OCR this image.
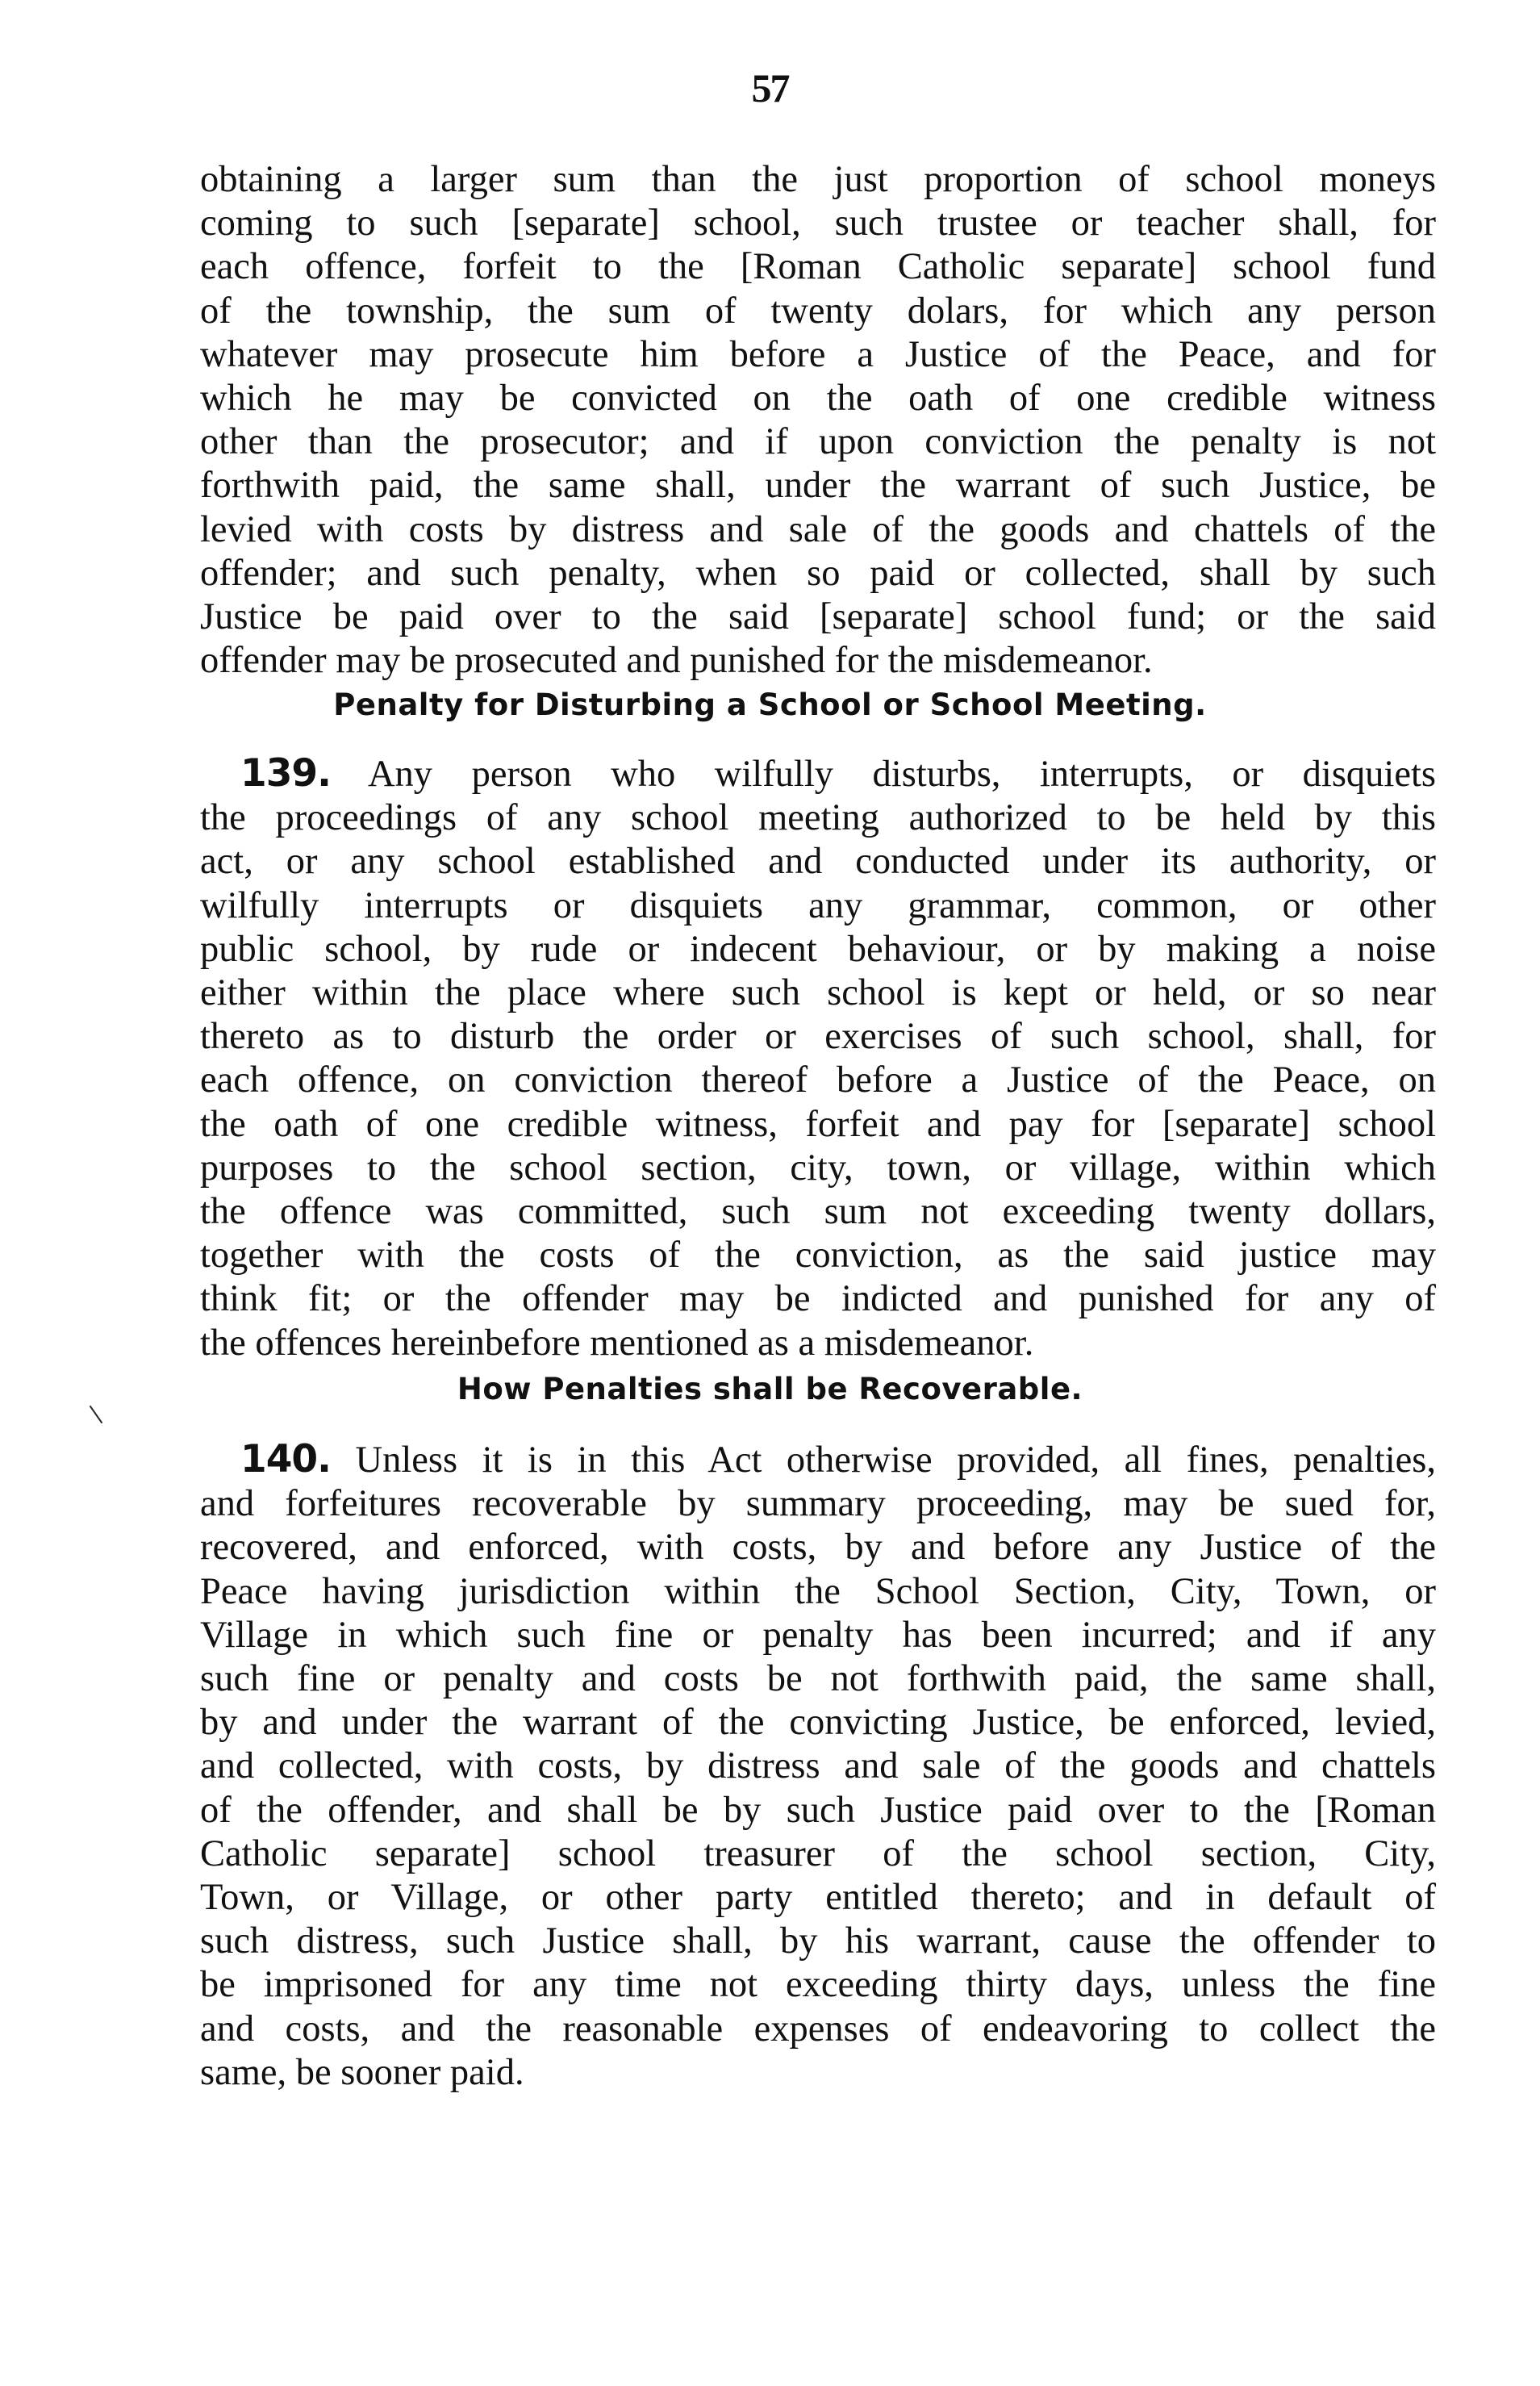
57
obtaining a larger sum than the just proportion of school moneys
coming to such [separate] school, such trustee or teacher shall, for
each offence, forfeit to the [Roman Catholic separate] school fund
of the township, the sum of twenty dolars, for which any person
whatever may prosecute him before a Justice of the Peace, and for
which he may be convicted on the oath of one credible witness
other than the prosecutor; and if upon conviction the penalty is not
forthwith paid, the same shall, under the warrant of such Justice, be
levied with costs by distress and sale of the goods and chattels of the
offender; and such penalty, when so paid or collected, shall by such
Justice be paid over to the said [separate] school fund; or the said
offender may be prosecuted and punished for the misdemeanor.
Penalty for Disturbing a School or School Meeting.
139. Any person who wilfully disturbs, interrupts, or disquiets
the proceedings of any school meeting authorized to be held by this
act, or any school established and conducted under its authority, or
wilfully interrupts or disquiets any grammar, common, or other
public school, by rude or indecent behaviour, or by making a noise
either within the place where such school is kept or held, or so near
thereto as to disturb the order or exercises of such school, shall, for
each offence, on conviction thereof before a Justice of the Peace, on
the oath of one credible witness, forfeit and pay for [separate] school
purposes to the school section, city, town, or village, within which
the offence was committed, such sum not exceeding twenty dollars,
together with the costs of the conviction, as the said justice may
think fit; or the offender may be indicted and punished for any of
the offences hereinbefore mentioned as a misdemeanor.
How Penalties shall be Recoverable.
140. Unless it is in this Act otherwise provided, all fines, penalties,
and forfeitures recoverable by summary proceeding, may be sued for,
recovered, and enforced, with costs, by and before any Justice of the
Peace having jurisdiction within the School Section, City, Town, or
Village in which such fine or penalty has been incurred; and if any
such fine or penalty and costs be not forthwith paid, the same shall,
by and under the warrant of the convicting Justice, be enforced, levied,
and collected, with costs, by distress and sale of the goods and chattels
of the offender, and shall be by such Justice paid over to the [Roman
Catholic separate] school treasurer of the school section, City,
Town, or Village, or other party entitled thereto; and in default of
such distress, such Justice shall, by his warrant, cause the offender to
be imprisoned for any time not exceeding thirty days, unless the fine
and costs, and the reasonable expenses of endeavoring to collect the
same, be sooner paid.
